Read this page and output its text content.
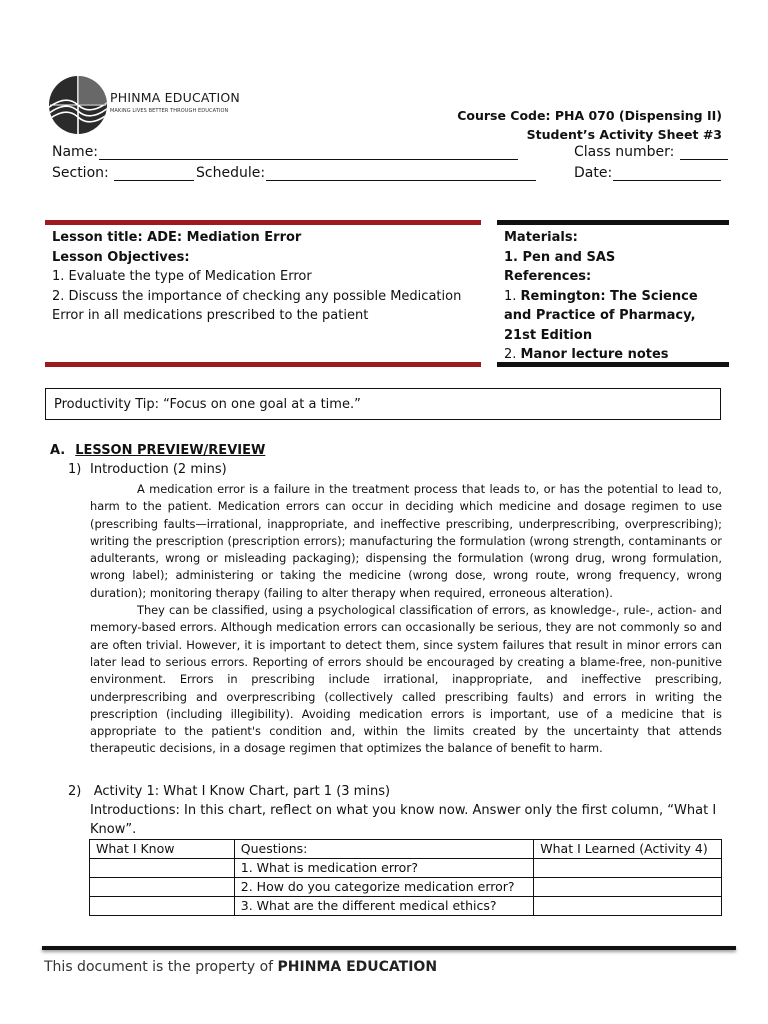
PHINMA EDUCATION
MAKING LIVES BETTER THROUGH EDUCATION	Course Code: PHA 070 (Dispensing II)
Student’s Activity Sheet #3
Name:	Class number:
Section:	Schedule:	Date:
Lesson title: ADE: Mediation Error
Lesson Objectives:
1. Evaluate the type of Medication Error
2. Discuss the importance of checking any possible Medication Error in all medications prescribed to the patient
Materials:
1. Pen and SAS
References:
1. Remington: The Science and Practice of Pharmacy, 21st Edition
2. Manor lecture notes
Productivity Tip: “Focus on one goal at a time.”
A. LESSON PREVIEW/REVIEW
1) Introduction (2 mins)

A medication error is a failure in the treatment process that leads to, or has the potential to lead to, harm to the patient. Medication errors can occur in deciding which medicine and dosage regimen to use (prescribing faults—irrational, inappropriate, and ineffective prescribing, underprescribing, overprescribing); writing the prescription (prescription errors); manufacturing the formulation (wrong strength, contaminants or adulterants, wrong or misleading packaging); dispensing the formulation (wrong drug, wrong formulation, wrong label); administering or taking the medicine (wrong dose, wrong route, wrong frequency, wrong duration); monitoring therapy (failing to alter therapy when required, erroneous alteration).

They can be classified, using a psychological classification of errors, as knowledge-, rule-, action- and memory-based errors. Although medication errors can occasionally be serious, they are not commonly so and are often trivial. However, it is important to detect them, since system failures that result in minor errors can later lead to serious errors. Reporting of errors should be encouraged by creating a blame-free, non-punitive environment. Errors in prescribing include irrational, inappropriate, and ineffective prescribing, underprescribing and overprescribing (collectively called prescribing faults) and errors in writing the prescription (including illegibility). Avoiding medication errors is important, use of a medicine that is appropriate to the patient's condition and, within the limits created by the uncertainty that attends therapeutic decisions, in a dosage regimen that optimizes the balance of benefit to harm.

2) Activity 1: What I Know Chart, part 1 (3 mins)
Introductions: In this chart, reflect on what you know now. Answer only the first column, “What I Know”.
What I Know	Questions:	What I Learned (Activity 4)
	1. What is medication error?	
	2. How do you categorize medication error?	
	3. What are the different medical ethics?	
This document is the property of PHINMA EDUCATION
